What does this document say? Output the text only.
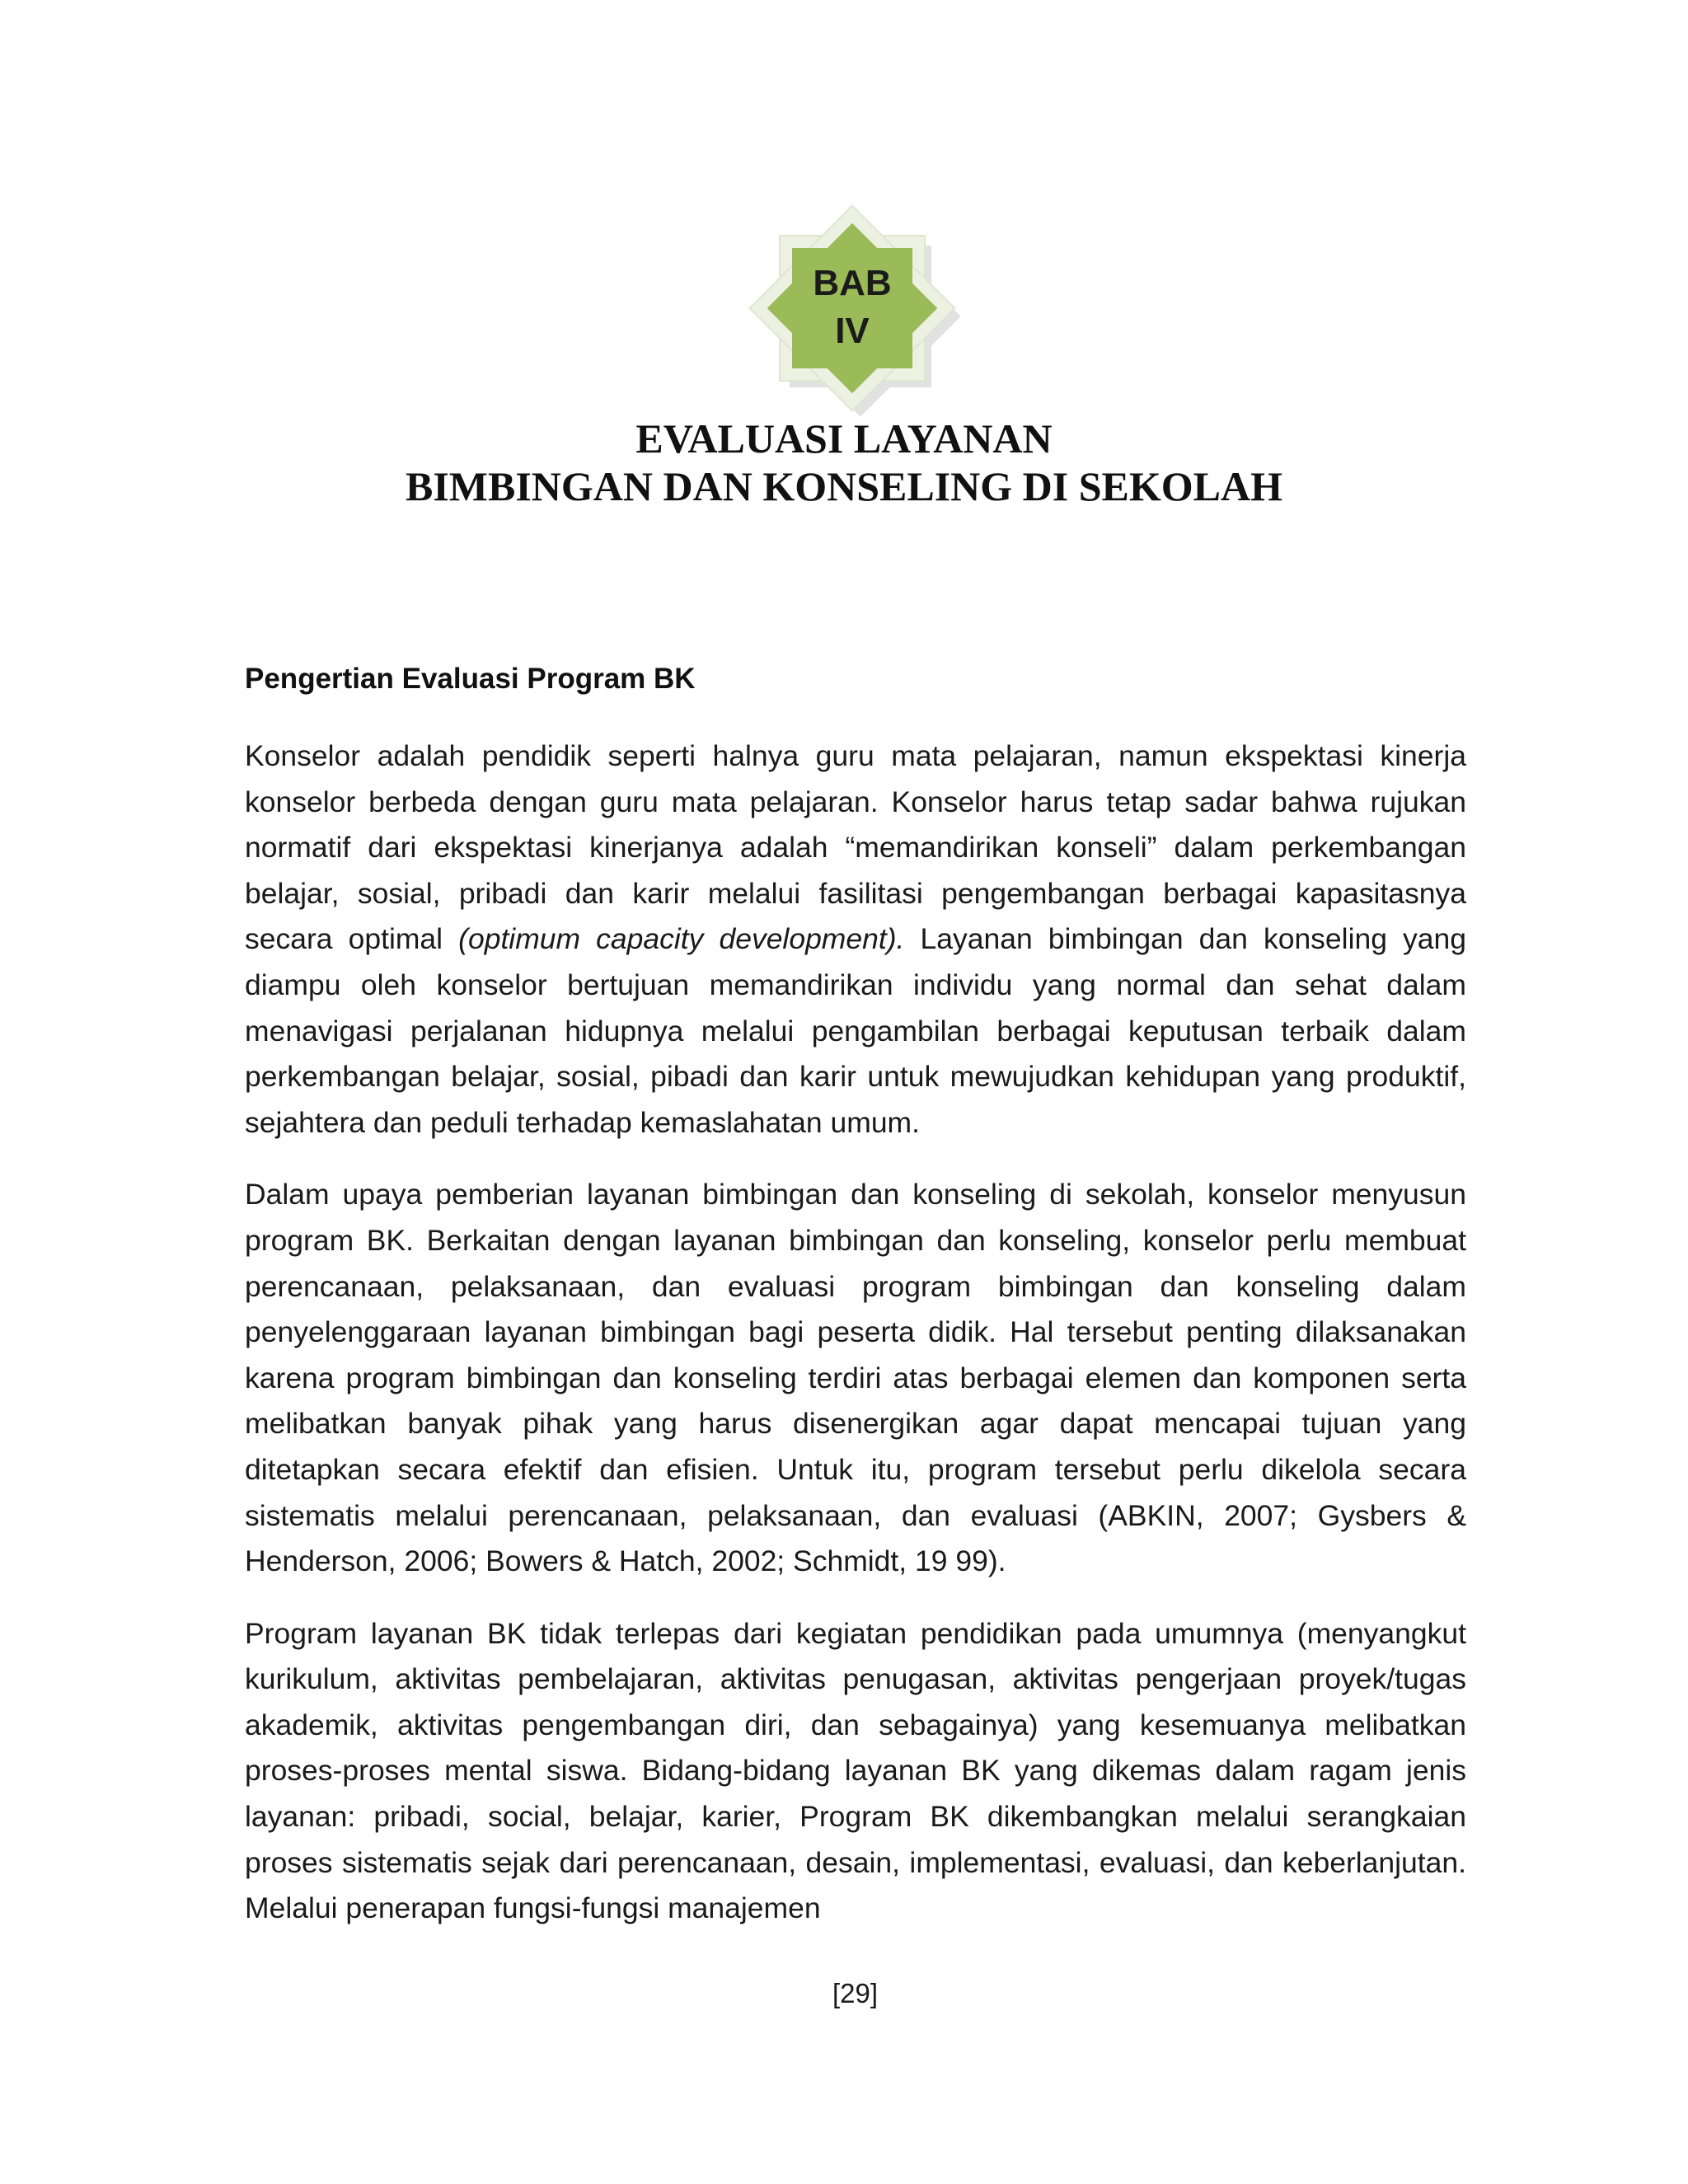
BAB
IV
EVALUASI LAYANAN
BIMBINGAN DAN KONSELING DI SEKOLAH
Pengertian Evaluasi Program BK

Konselor adalah pendidik seperti halnya guru mata pelajaran, namun ekspektasi kinerja konselor berbeda dengan guru mata pelajaran. Konselor harus tetap sadar bahwa rujukan normatif dari ekspektasi kinerjanya adalah “memandirikan konseli” dalam perkembangan belajar, sosial, pribadi dan karir melalui fasilitasi pengembangan berbagai kapasitasnya secara optimal (optimum capacity development). Layanan bimbingan dan konseling yang diampu oleh konselor bertujuan memandirikan individu yang normal dan sehat dalam menavigasi perjalanan hidupnya melalui pengambilan berbagai keputusan terbaik dalam perkembangan belajar, sosial, pibadi dan karir untuk mewujudkan kehidupan yang produktif, sejahtera dan peduli terhadap kemaslahatan umum.

Dalam upaya pemberian layanan bimbingan dan konseling di sekolah, konselor menyusun program BK. Berkaitan dengan layanan bimbingan dan konseling, konselor perlu membuat perencanaan, pelaksanaan, dan evaluasi program bimbingan dan konseling dalam penyelenggaraan layanan bimbingan bagi peserta didik. Hal tersebut penting dilaksanakan karena program bimbingan dan konseling terdiri atas berbagai elemen dan komponen serta melibatkan banyak pihak yang harus disenergikan agar dapat mencapai tujuan yang ditetapkan secara efektif dan efisien. Untuk itu, program tersebut perlu dikelola secara sistematis melalui perencanaan, pelaksanaan, dan evaluasi (ABKIN, 2007; Gysbers & Henderson, 2006; Bowers & Hatch, 2002; Schmidt, 19 99).

Program layanan BK tidak terlepas dari kegiatan pendidikan pada umumnya (menyangkut kurikulum, aktivitas pembelajaran, aktivitas penugasan, aktivitas pengerjaan proyek/tugas akademik, aktivitas pengembangan diri, dan sebagainya) yang kesemuanya melibatkan proses-proses mental siswa. Bidang-bidang layanan BK yang dikemas dalam ragam jenis layanan: pribadi, social, belajar, karier, Program BK dikembangkan melalui serangkaian proses sistematis sejak dari perencanaan, desain, implementasi, evaluasi, dan keberlanjutan. Melalui penerapan fungsi-fungsi manajemen

[29]
